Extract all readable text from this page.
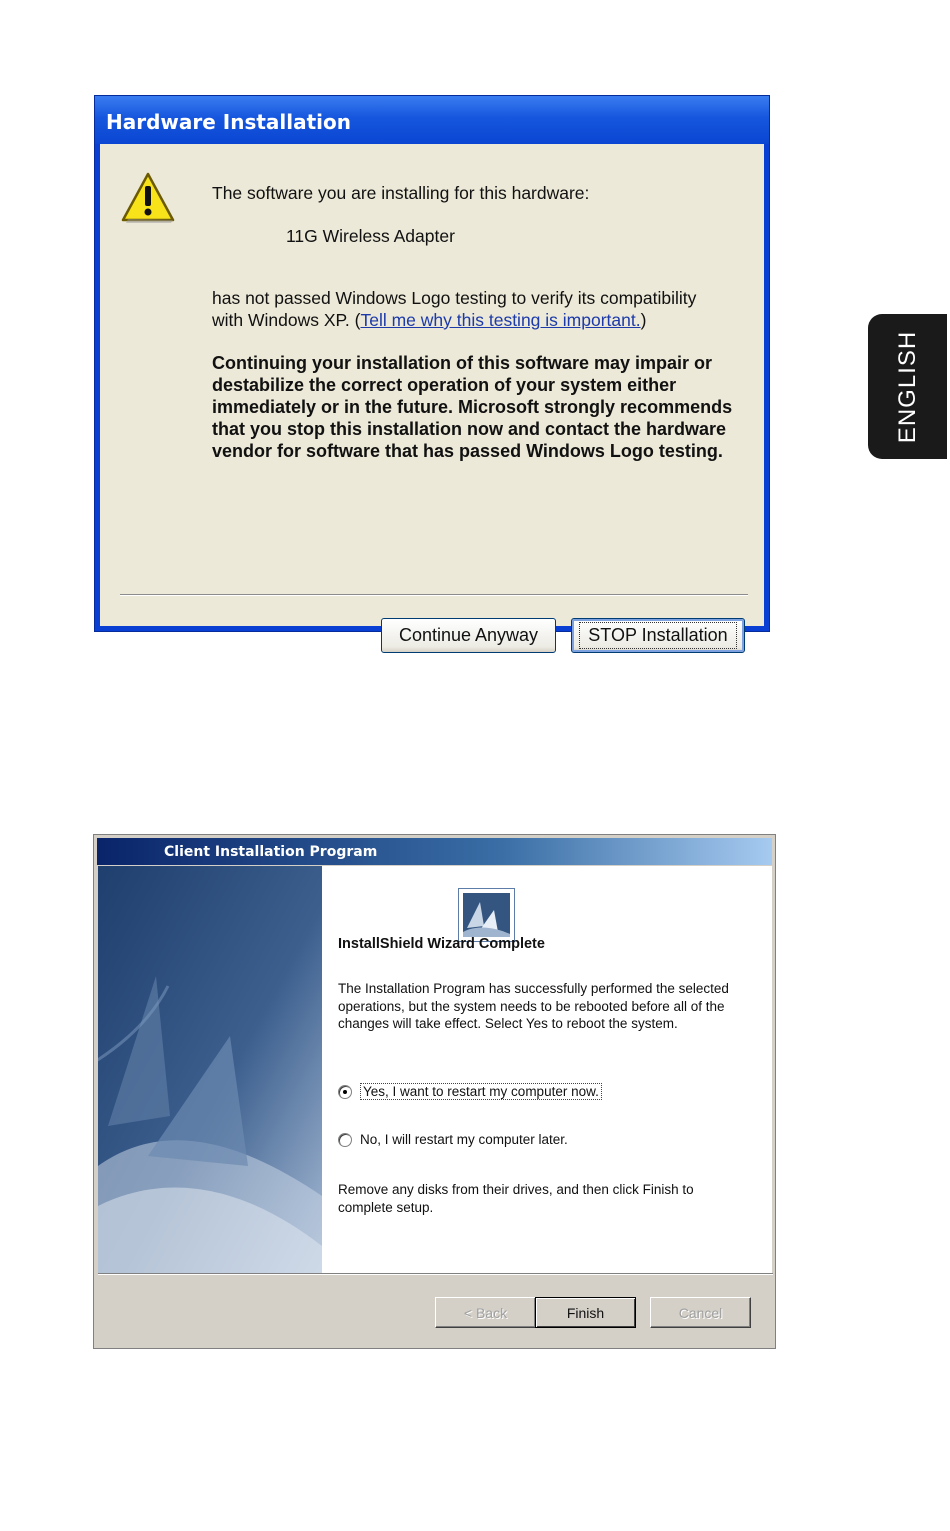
Hardware Installation
The software you are installing for this hardware:
11G Wireless Adapter
has not passed Windows Logo testing to verify its compatibility
with Windows XP. (Tell me why this testing is important.)
Continuing your installation of this software may impair or destabilize the correct operation of your system either immediately or in the future. Microsoft strongly recommends that you stop this installation now and contact the hardware vendor for software that has passed Windows Logo testing.
Continue Anyway	STOP Installation
ENGLISH
Client Installation Program
InstallShield Wizard Complete
The Installation Program has successfully performed the selected operations, but the system needs to be rebooted before all of the changes will take effect. Select Yes to reboot the system.
Yes, I want to restart my computer now.
No, I will restart my computer later.
Remove any disks from their drives, and then click Finish to complete setup.
< Back	Finish	Cancel
